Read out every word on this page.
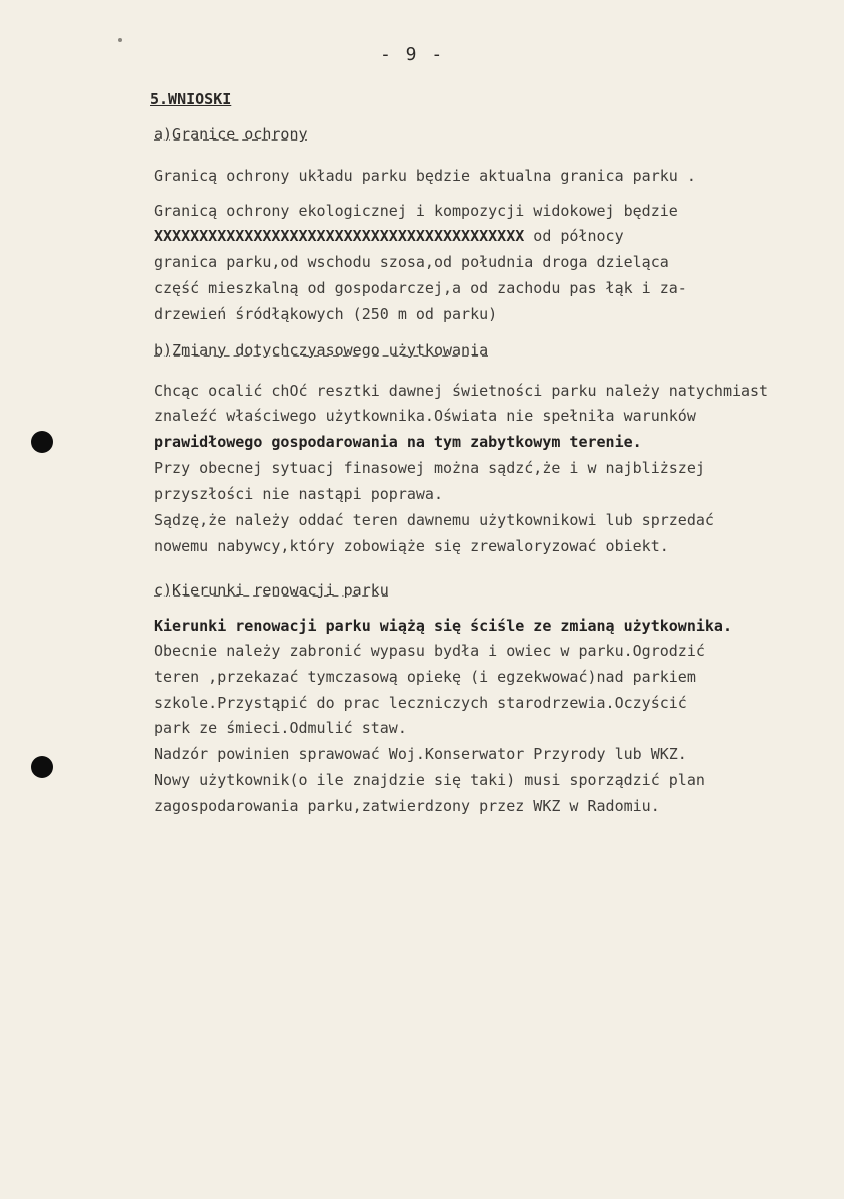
- 9 -
5.WNIOSKI
a)Granice ochrony
Granicą ochrony układu parku będzie aktualna granica parku .
Granicą ochrony ekologicznej i kompozycji widokowej będzie
XXXXXXXXXXXXXXXXXXXXXXXXXXXXXXXXXXXXXXXXX od północy
granica parku,od wschodu szosa,od południa droga dzieląca
część mieszkalną od gospodarczej,a od zachodu pas łąk i za-
drzewień śródłąkowych (250 m od parku)
b)Zmiany dotychczyasowego użytkowania
Chcąc ocalić chOć resztki dawnej świetności parku należy natychmiast
znaleźć właściwego użytkownika.Oświata nie spełniła warunków
prawidłowego gospodarowania na tym zabytkowym terenie.
Przy obecnej sytuacj finasowej można sądzć,że i w najbliższej
przyszłości nie nastąpi poprawa.
Sądzę,że należy oddać teren dawnemu użytkownikowi lub sprzedać
nowemu nabywcy,który zobowiąże się zrewaloryzować obiekt.
c)Kierunki renowacji parku
Kierunki renowacji parku wiążą się ściśle ze zmianą użytkownika.
Obecnie należy zabronić wypasu bydła i owiec w parku.Ogrodzić
teren ,przekazać tymczasową opiekę (i egzekwować)nad parkiem
szkole.Przystąpić do prac leczniczych starodrzewia.Oczyścić
park ze śmieci.Odmulić staw.
Nadzór powinien sprawować Woj.Konserwator Przyrody lub WKZ.
Nowy użytkownik(o ile znajdzie się taki) musi sporządzić plan
zagospodarowania parku,zatwierdzony przez WKZ w Radomiu.
